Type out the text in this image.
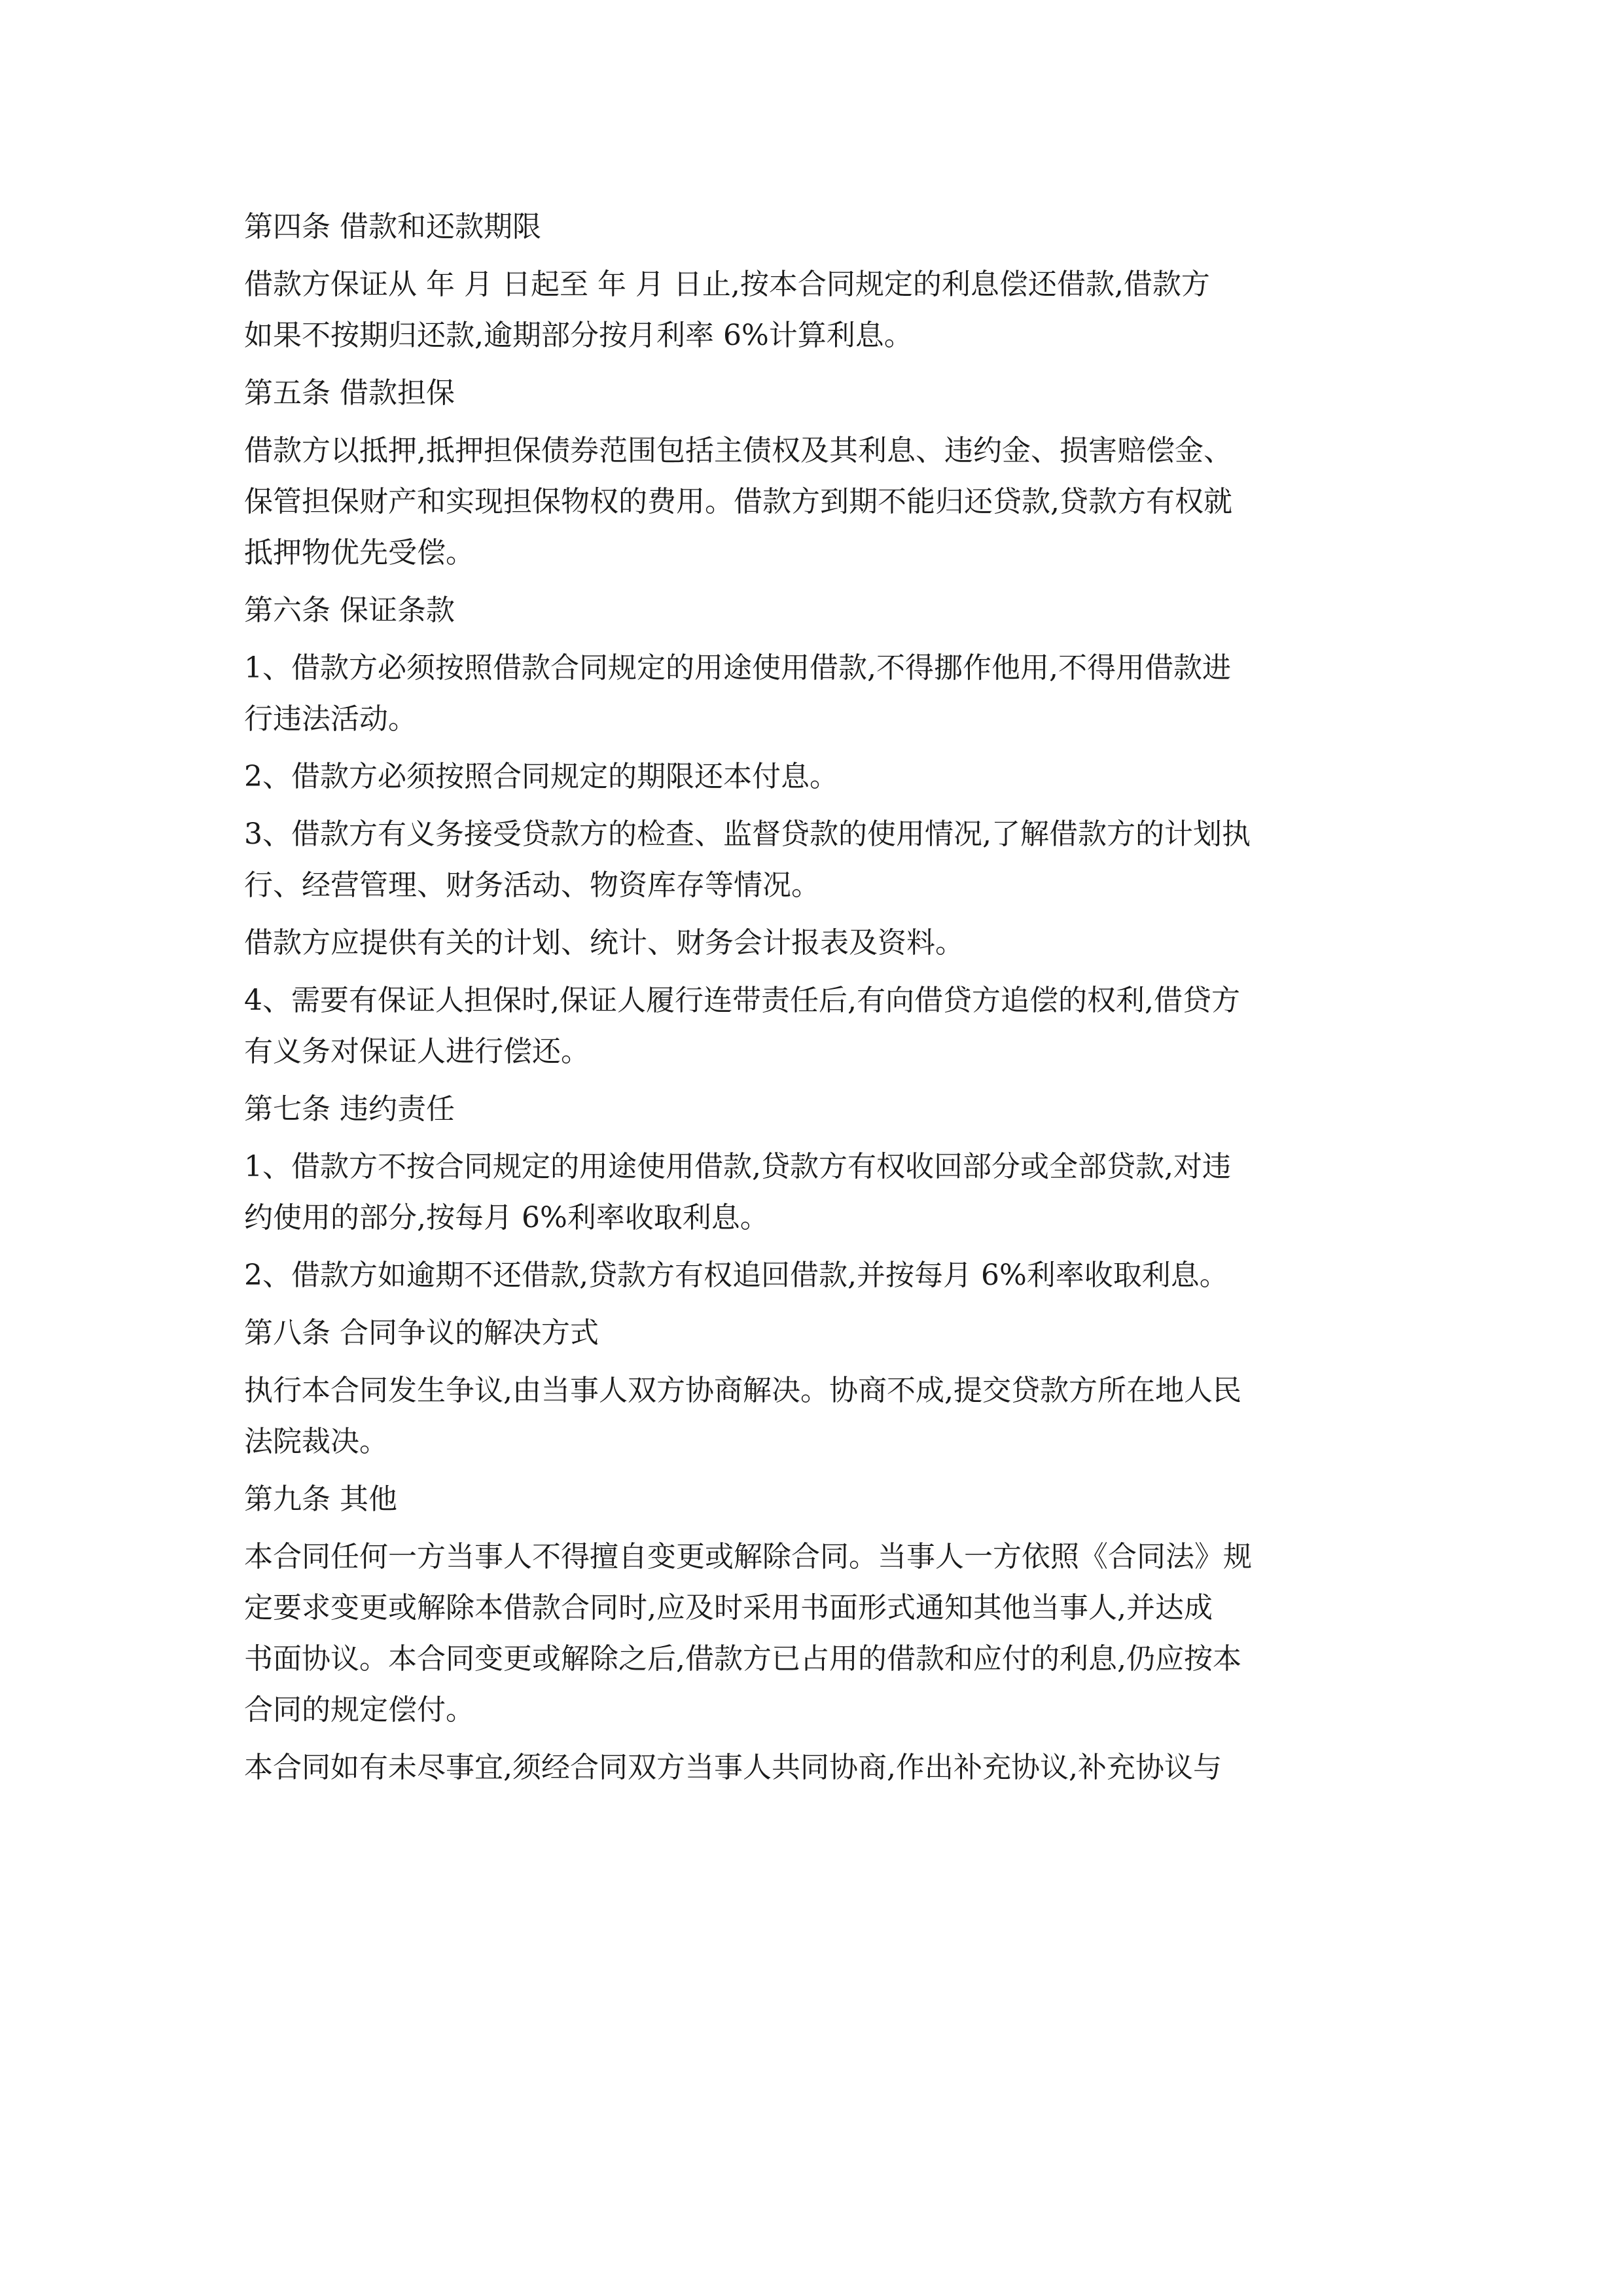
第四条 借款和还款期限
借款方保证从 年 月 日起至 年 月 日止,按本合同规定的利息偿还借款,借款方
如果不按期归还款,逾期部分按月利率 6%计算利息。
第五条 借款担保
借款方以抵押,抵押担保债券范围包括主债权及其利息、违约金、损害赔偿金、
保管担保财产和实现担保物权的费用。借款方到期不能归还贷款,贷款方有权就
抵押物优先受偿。
第六条 保证条款
1、借款方必须按照借款合同规定的用途使用借款,不得挪作他用,不得用借款进
行违法活动。
2、借款方必须按照合同规定的期限还本付息。
3、借款方有义务接受贷款方的检查、监督贷款的使用情况,了解借款方的计划执
行、经营管理、财务活动、物资库存等情况。
借款方应提供有关的计划、统计、财务会计报表及资料。
4、需要有保证人担保时,保证人履行连带责任后,有向借贷方追偿的权利,借贷方
有义务对保证人进行偿还。
第七条 违约责任
1、借款方不按合同规定的用途使用借款,贷款方有权收回部分或全部贷款,对违
约使用的部分,按每月 6%利率收取利息。
2、借款方如逾期不还借款,贷款方有权追回借款,并按每月 6%利率收取利息。
第八条 合同争议的解决方式
执行本合同发生争议,由当事人双方协商解决。协商不成,提交贷款方所在地人民
法院裁决。
第九条 其他
本合同任何一方当事人不得擅自变更或解除合同。当事人一方依照《合同法》规
定要求变更或解除本借款合同时,应及时采用书面形式通知其他当事人,并达成
书面协议。本合同变更或解除之后,借款方已占用的借款和应付的利息,仍应按本
合同的规定偿付。
本合同如有未尽事宜,须经合同双方当事人共同协商,作出补充协议,补充协议与
